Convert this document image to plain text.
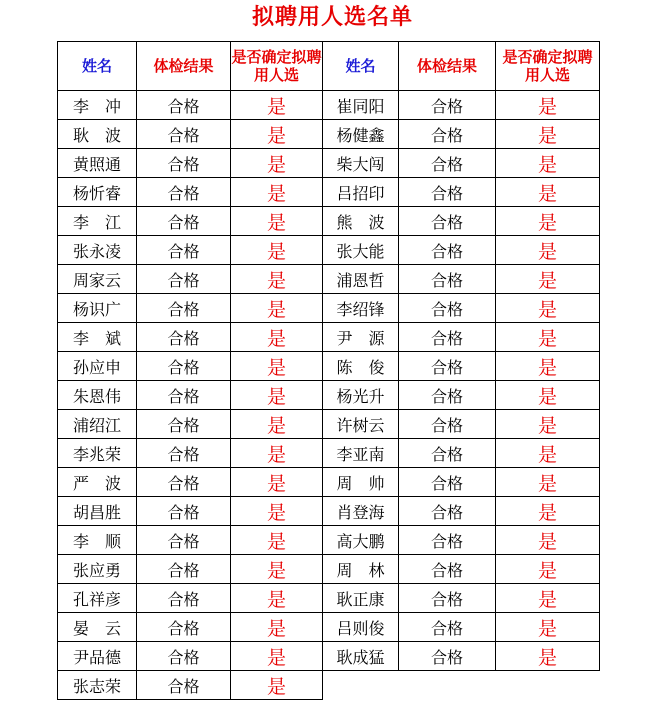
拟聘用人选名单
姓名	体检结果	是否确定拟聘用人选	姓名	体检结果	是否确定拟聘用人选
李　冲	合格	是	崔同阳	合格	是
耿　波	合格	是	杨健鑫	合格	是
黄照通	合格	是	柴大闯	合格	是
杨忻睿	合格	是	吕招印	合格	是
李　江	合格	是	熊　波	合格	是
张永凌	合格	是	张大能	合格	是
周家云	合格	是	浦恩哲	合格	是
杨识广	合格	是	李绍锋	合格	是
李　斌	合格	是	尹　源	合格	是
孙应申	合格	是	陈　俊	合格	是
朱恩伟	合格	是	杨光升	合格	是
浦绍江	合格	是	许树云	合格	是
李兆荣	合格	是	李亚南	合格	是
严　波	合格	是	周　帅	合格	是
胡昌胜	合格	是	肖登海	合格	是
李　顺	合格	是	高大鹏	合格	是
张应勇	合格	是	周　林	合格	是
孔祥彦	合格	是	耿正康	合格	是
晏　云	合格	是	吕则俊	合格	是
尹品德	合格	是	耿成猛	合格	是
张志荣	合格	是			
